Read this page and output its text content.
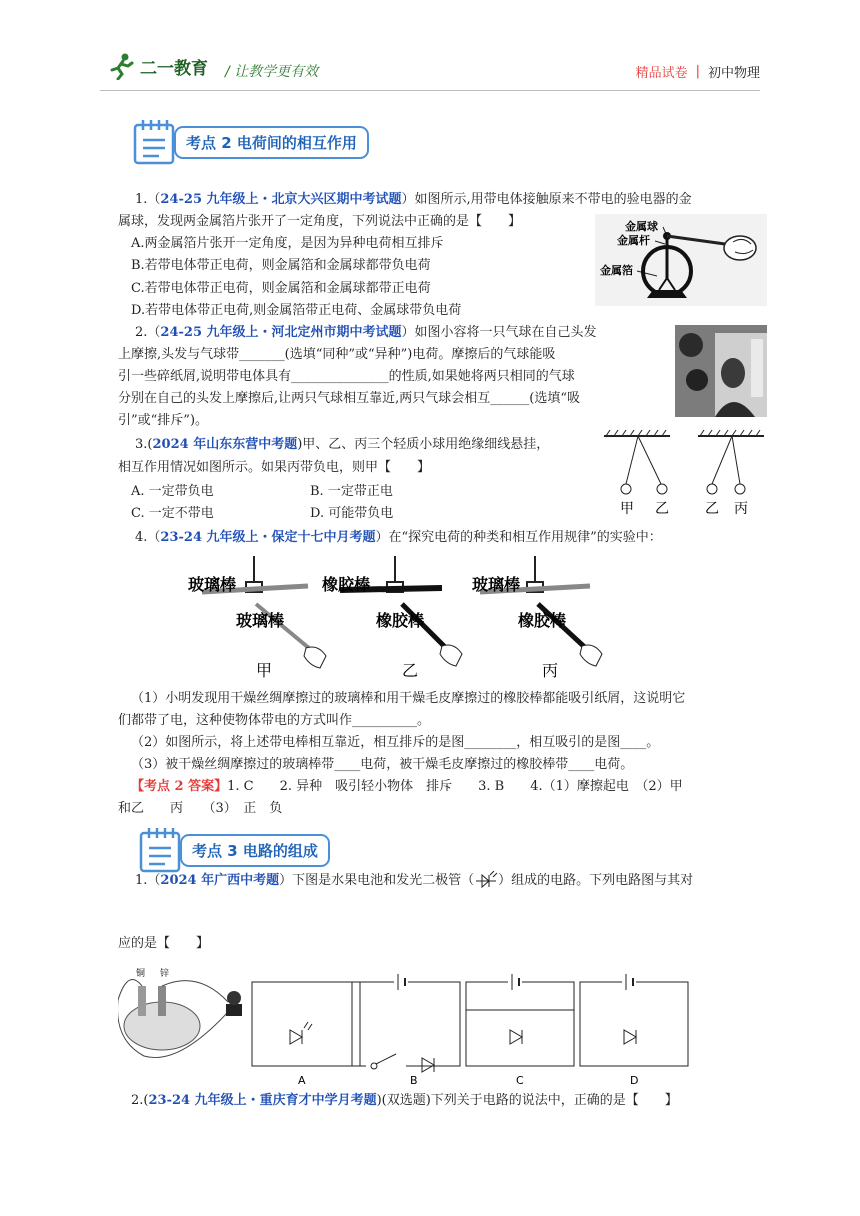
二一教育 / 让教学更有效	精品试卷 | 初中物理
考点 2 电荷间的相互作用
1.（24-25 九年级上・北京大兴区期中考试题）如图所示,用带电体接触原来不带电的验电器的金
属球，发现两金属箔片张开了一定角度，下列说法中正确的是【　　】
A.两金属箔片张开一定角度，是因为异种电荷相互排斥
B.若带电体带正电荷，则金属箔和金属球都带负电荷
C.若带电体带正电荷，则金属箔和金属球都带正电荷
D.若带电体带正电荷,则金属箔带正电荷、金属球带负电荷
金属球
金属杆
金属箔
2.（24-25 九年级上・河北定州市期中考试题）如图小容将一只气球在自己头发
上摩擦,头发与气球带_______(选填“同种”或“异种”)电荷。摩擦后的气球能吸
引一些碎纸屑,说明带电体具有_______________的性质,如果她将两只相同的气球
分别在自己的头发上摩擦后,让两只气球相互靠近,两只气球会相互______(选填“吸
引”或“排斥”)。
3.(2024 年山东东营中考题)甲、乙、丙三个轻质小球用绝缘细线悬挂，
相互作用情况如图所示。如果丙带负电，则甲【　　】
A. 一定带负电	B. 一定带正电
C. 一定不带电	D. 可能带负电	甲 乙	乙 丙
4.（23-24 九年级上・保定十七中月考题）在“探究电荷的种类和相互作用规律”的实验中：
玻璃棒
玻璃棒
甲
橡胶棒
橡胶棒
乙
玻璃棒
橡胶棒
丙
（1）小明发现用干燥丝绸摩擦过的玻璃棒和用干燥毛皮摩擦过的橡胶棒都能吸引纸屑，这说明它
们都带了电，这种使物体带电的方式叫作__________。
（2）如图所示，将上述带电棒相互靠近，相互排斥的是图________，相互吸引的是图____。
（3）被干燥丝绸摩擦过的玻璃棒带____电荷，被干燥毛皮摩擦过的橡胶棒带____电荷。
【考点 2 答案】1. C　　2. 异种　吸引轻小物体　排斥　　3. B　　4.（1）摩擦起电　（2）甲
和乙　　丙　　（3）　正　负
考点 3 电路的组成
1.（ 2024 年广西中考题 ）下图是水果电池和发光二极管（ ）组成的电路。下列电路图与其对
应的是【　　】
铜 锌
A	B	C	D
2.(23-24 九年级上・重庆育才中学月考题)(双选题)下列关于电路的说法中，正确的是【　　】
